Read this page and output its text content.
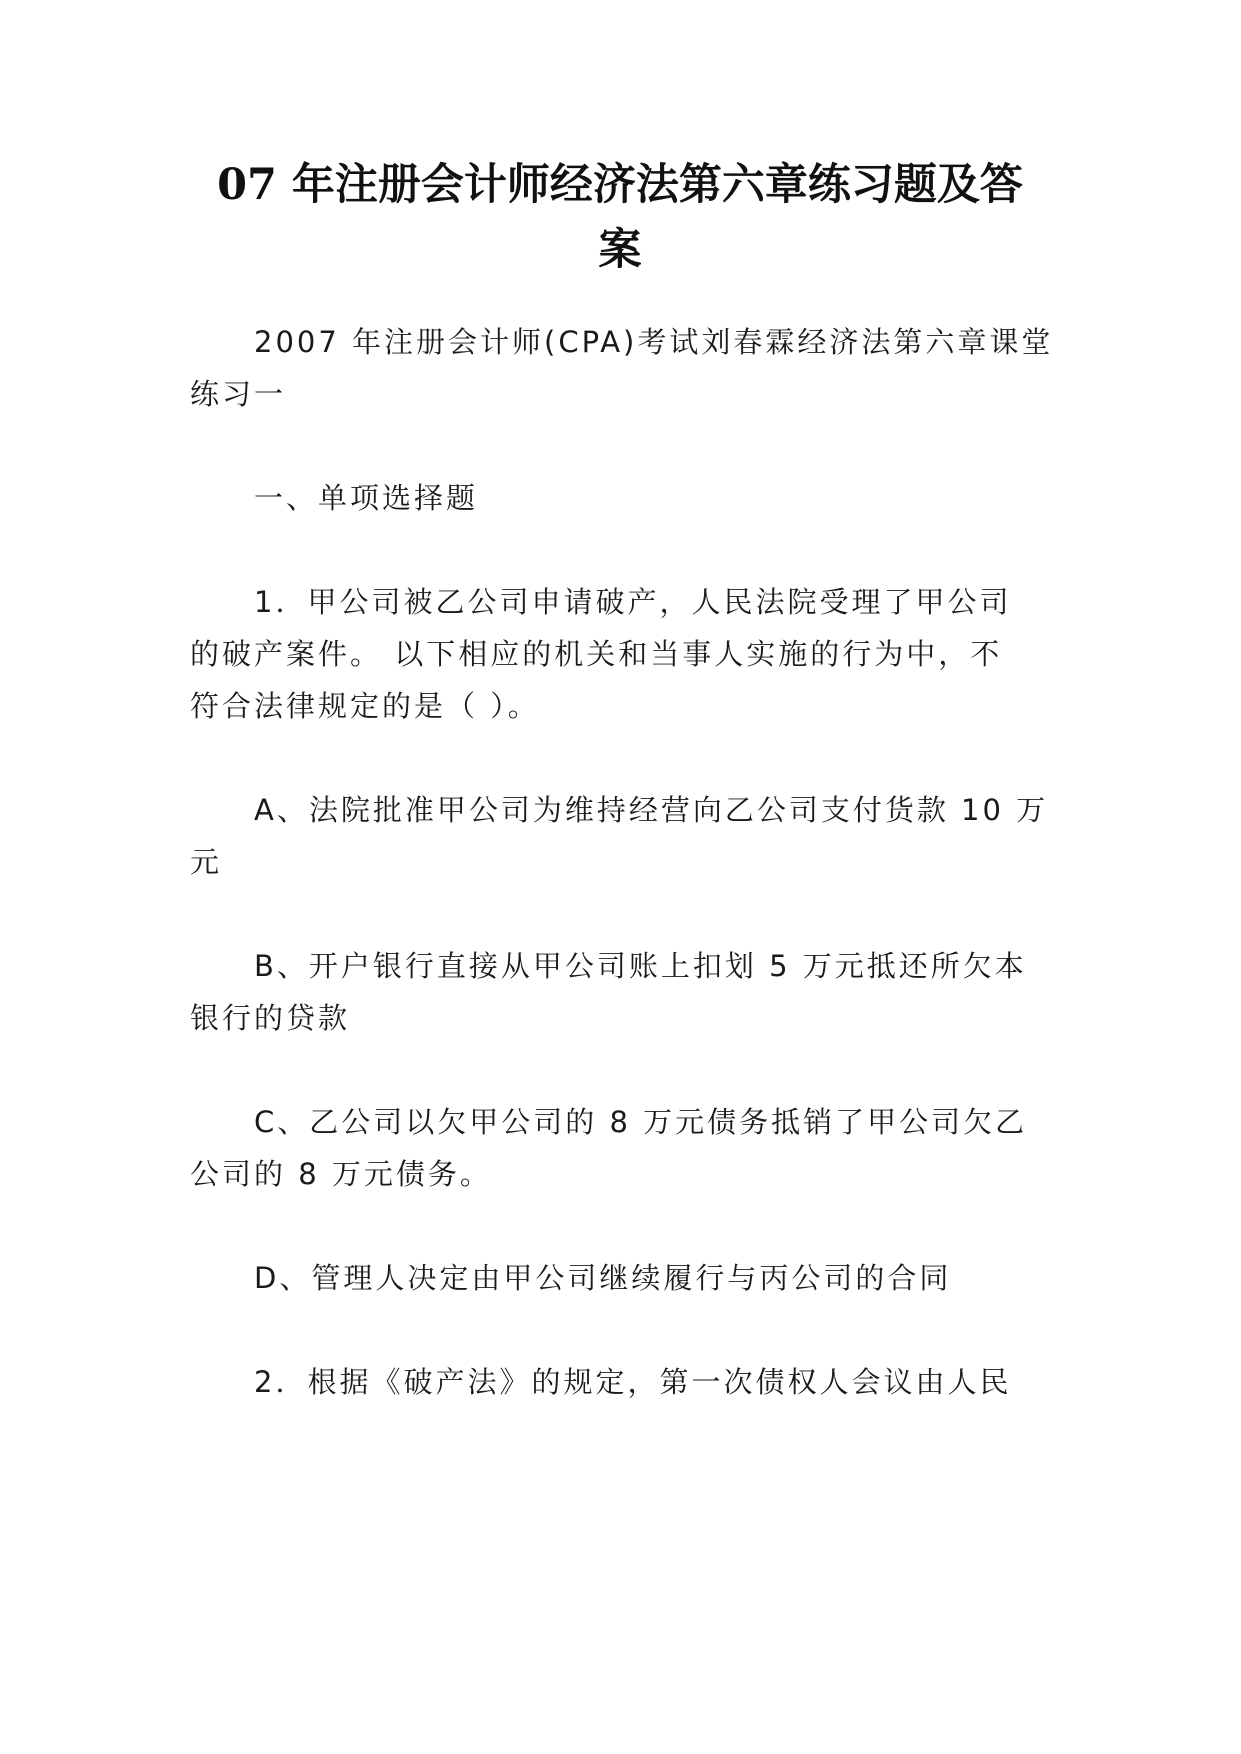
07 年注册会计师经济法第六章练习题及答
案

2007 年注册会计师(CPA)考试刘春霖经济法第六章课堂

练习一

一、单项选择题

1．甲公司被乙公司申请破产，人民法院受理了甲公司

的破产案件。 以下相应的机关和当事人实施的行为中，不

符合法律规定的是（ ）。

A、法院批准甲公司为维持经营向乙公司支付货款 10 万

元

B、开户银行直接从甲公司账上扣划 5 万元抵还所欠本

银行的贷款

C、乙公司以欠甲公司的 8 万元债务抵销了甲公司欠乙

公司的 8 万元债务。

D、管理人决定由甲公司继续履行与丙公司的合同

2．根据《破产法》的规定，第一次债权人会议由人民
